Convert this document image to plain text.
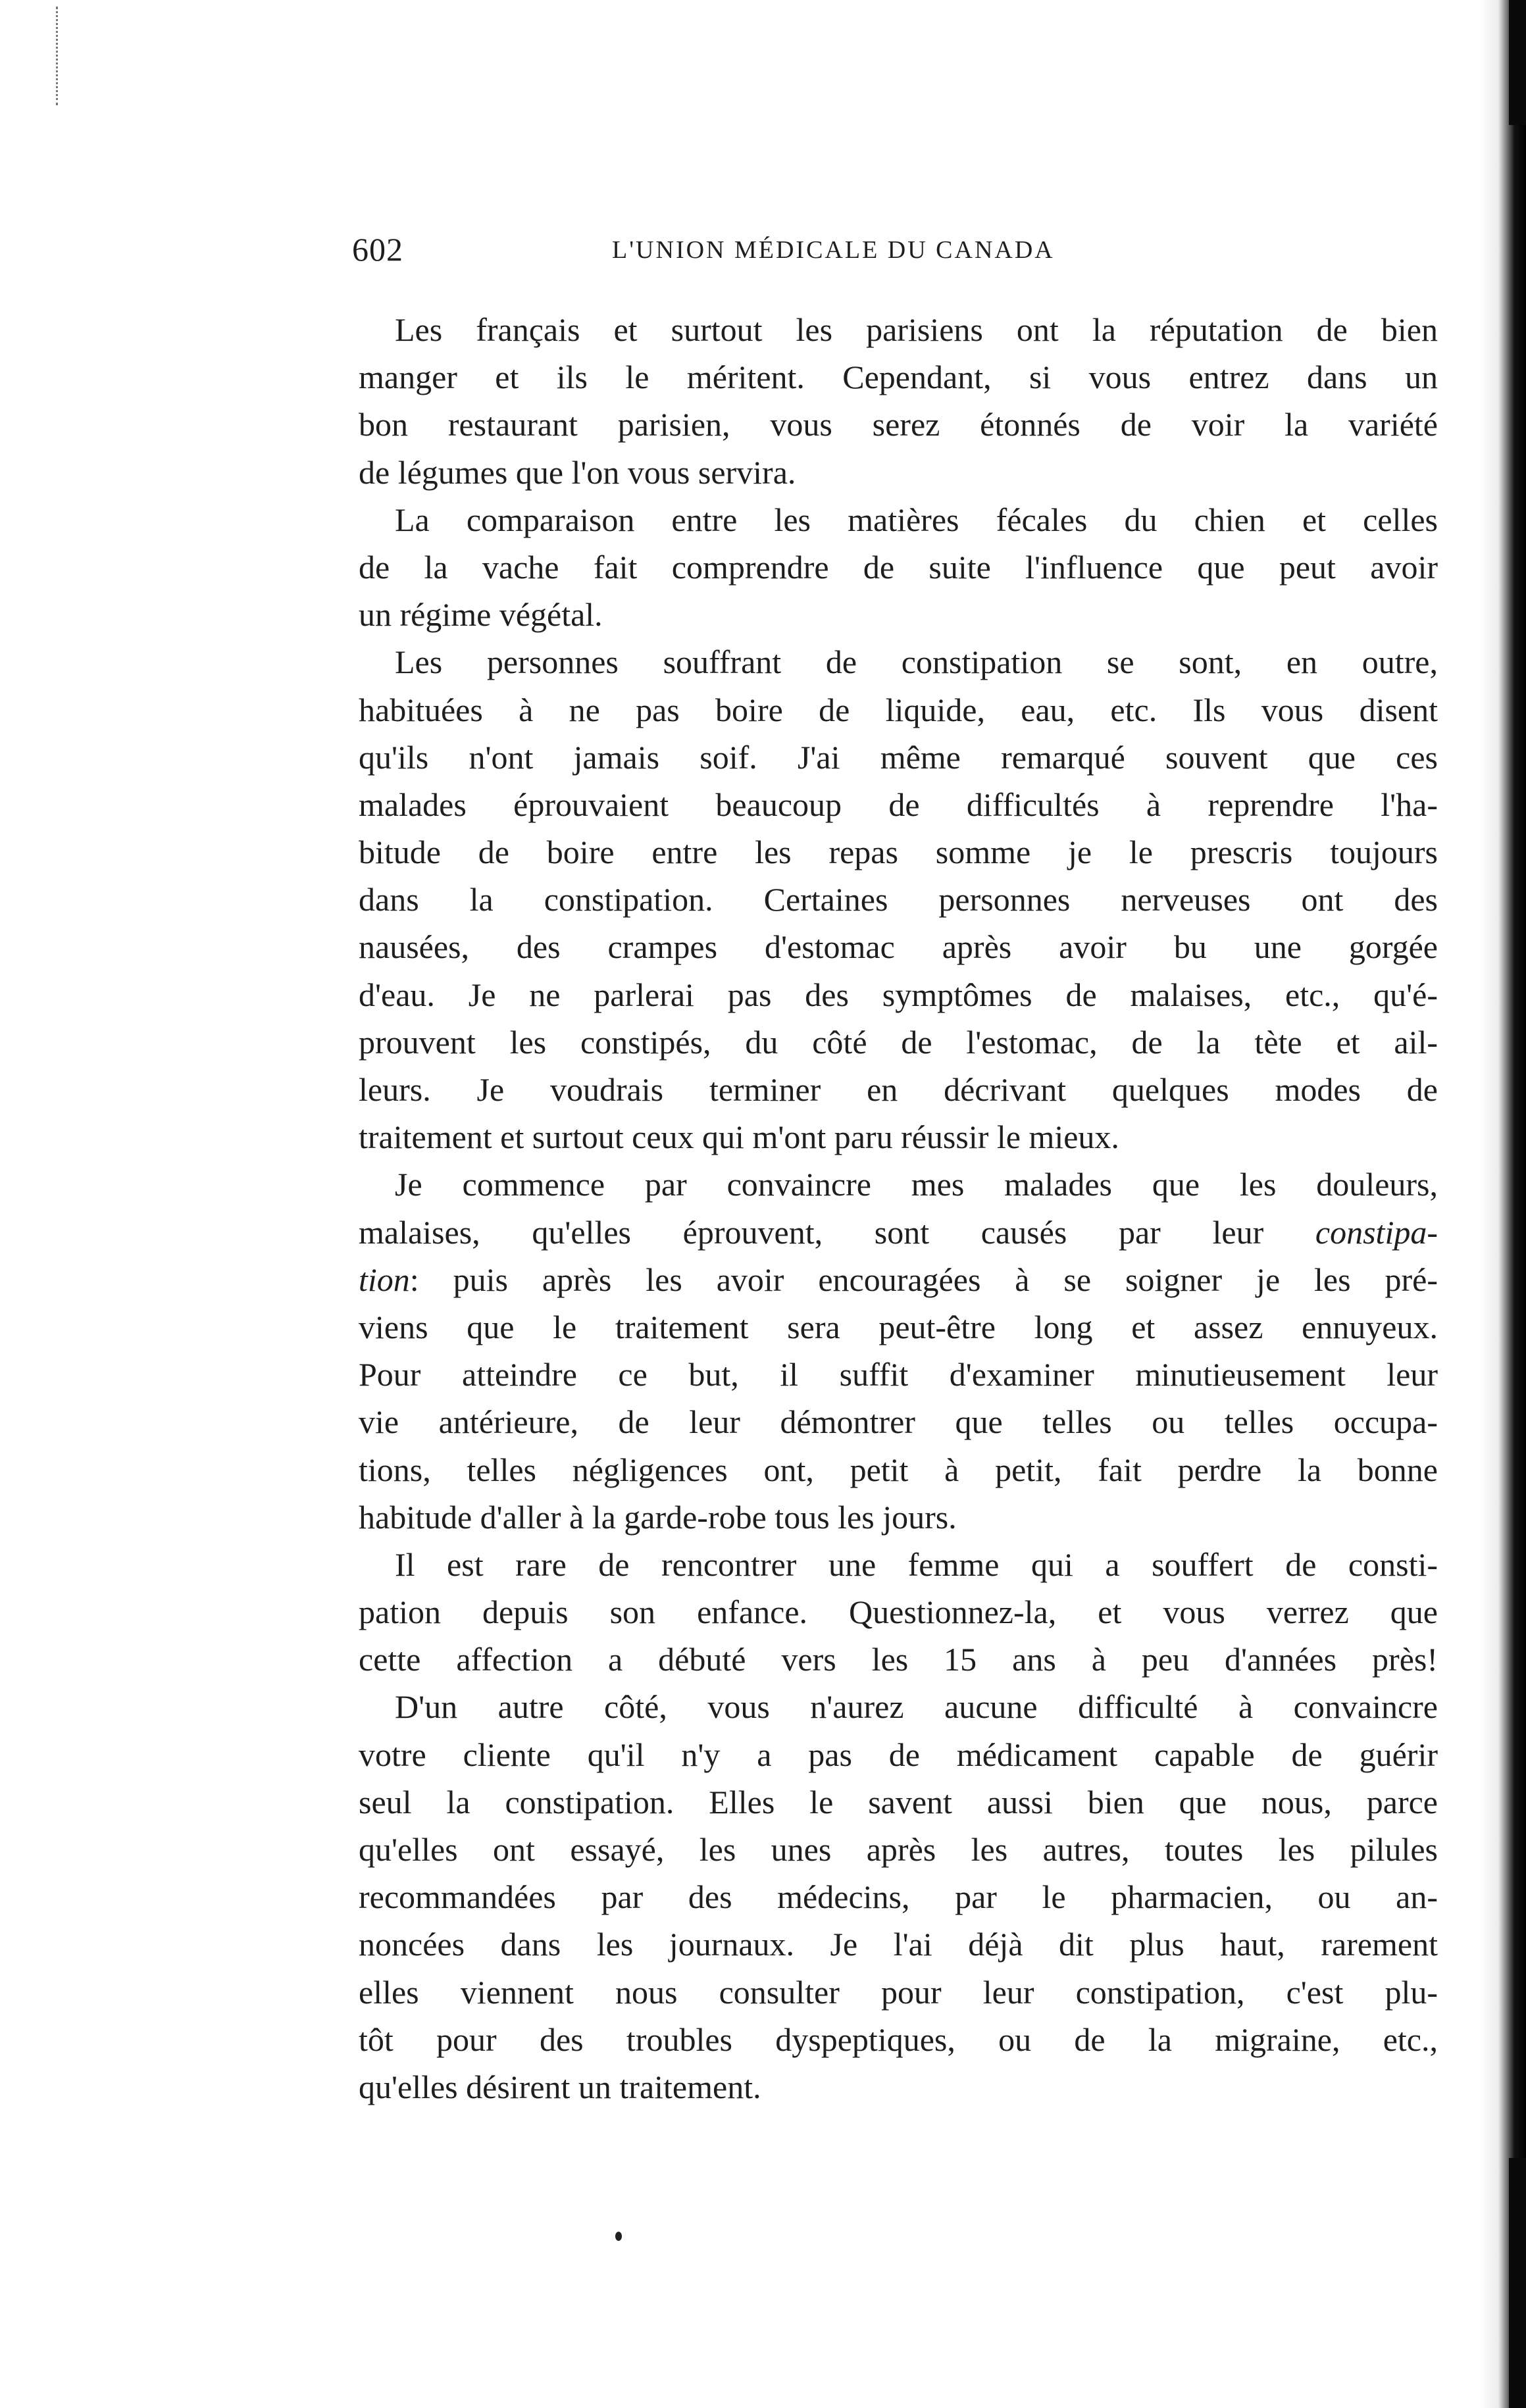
602	L'UNION MÉDICALE DU CANADA
Les français et surtout les parisiens ont la réputation de bien
manger et ils le méritent. Cependant, si vous entrez dans un
bon restaurant parisien, vous serez étonnés de voir la variété
de légumes que l'on vous servira.
La comparaison entre les matières fécales du chien et celles
de la vache fait comprendre de suite l'influence que peut avoir
un régime végétal.
Les personnes souffrant de constipation se sont, en outre,
habituées à ne pas boire de liquide, eau, etc. Ils vous disent
qu'ils n'ont jamais soif. J'ai même remarqué souvent que ces
malades éprouvaient beaucoup de difficultés à reprendre l'ha-
bitude de boire entre les repas somme je le prescris toujours
dans la constipation. Certaines personnes nerveuses ont des
nausées, des crampes d'estomac après avoir bu une gorgée
d'eau. Je ne parlerai pas des symptômes de malaises, etc., qu'é-
prouvent les constipés, du côté de l'estomac, de la tète et ail-
leurs. Je voudrais terminer en décrivant quelques modes de
traitement et surtout ceux qui m'ont paru réussir le mieux.
Je commence par convaincre mes malades que les douleurs,
malaises, qu'elles éprouvent, sont causés par leur constipa-
tion: puis après les avoir encouragées à se soigner je les pré-
viens que le traitement sera peut-être long et assez ennuyeux.
Pour atteindre ce but, il suffit d'examiner minutieusement leur
vie antérieure, de leur démontrer que telles ou telles occupa-
tions, telles négligences ont, petit à petit, fait perdre la bonne
habitude d'aller à la garde-robe tous les jours.
Il est rare de rencontrer une femme qui a souffert de consti-
pation depuis son enfance. Questionnez-la, et vous verrez que
cette affection a débuté vers les 15 ans à peu d'années près!
D'un autre côté, vous n'aurez aucune difficulté à convaincre
votre cliente qu'il n'y a pas de médicament capable de guérir
seul la constipation. Elles le savent aussi bien que nous, parce
qu'elles ont essayé, les unes après les autres, toutes les pilules
recommandées par des médecins, par le pharmacien, ou an-
noncées dans les journaux. Je l'ai déjà dit plus haut, rarement
elles viennent nous consulter pour leur constipation, c'est plu-
tôt pour des troubles dyspeptiques, ou de la migraine, etc.,
qu'elles désirent un traitement.
